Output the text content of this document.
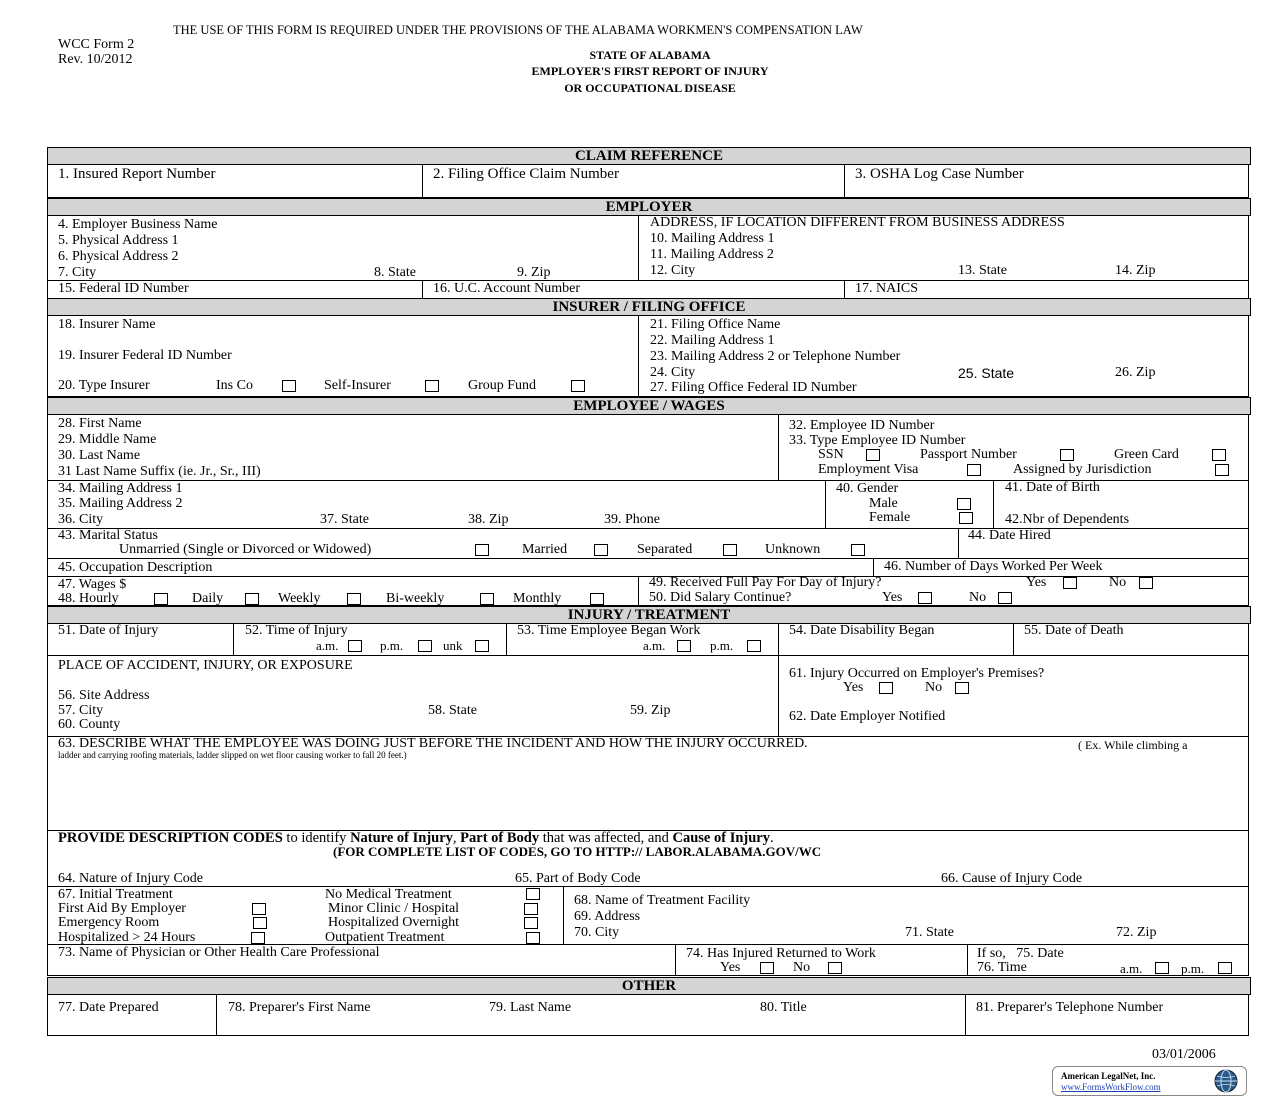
THE USE OF THIS FORM IS REQUIRED UNDER THE PROVISIONS OF THE ALABAMA WORKMEN'S COMPENSATION LAW
WCC Form 2
Rev. 10/2012	STATE OF ALABAMA
EMPLOYER'S FIRST REPORT OF INJURY
OR OCCUPATIONAL DISEASE
CLAIM REFERENCE
1. Insured Report Number	2. Filing Office Claim Number	3. OSHA Log Case Number
EMPLOYER
4. Employer Business Name
5. Physical Address 1
6. Physical Address 2
7. City	8. State	9. Zip
ADDRESS, IF LOCATION DIFFERENT FROM BUSINESS ADDRESS
10. Mailing Address 1
11. Mailing Address 2
12. City	13. State	14. Zip
15. Federal ID Number	16. U.C. Account Number	17. NAICS
INSURER / FILING OFFICE
18. Insurer Name
19. Insurer Federal ID Number
20. Type Insurer	Ins Co	Self-Insurer	Group Fund
21. Filing Office Name
22. Mailing Address 1
23. Mailing Address 2 or Telephone Number
24. City	25. State	26. Zip
27. Filing Office Federal ID Number
EMPLOYEE / WAGES
28. First Name
29. Middle Name
30. Last Name
31 Last Name Suffix (ie. Jr., Sr., III)
32. Employee ID Number
33. Type Employee ID Number
SSN	Passport Number	Green Card
Employment Visa	Assigned by Jurisdiction
34. Mailing Address 1
35. Mailing Address 2
36. City	37. State	38. Zip	39. Phone
40. Gender
Male
Female
41. Date of Birth
42.Nbr of Dependents
43. Marital Status
Unmarried (Single or Divorced or Widowed)	Married	Separated	Unknown
44. Date Hired
45. Occupation Description	46. Number of Days Worked Per Week
47. Wages $
48. Hourly	Daily	Weekly	Bi-weekly	Monthly
49. Received Full Pay For Day of Injury?	Yes	No
50. Did Salary Continue?	Yes	No
INJURY / TREATMENT
51. Date of Injury	52. Time of Injury
a.m.	p.m.	unk
53. Time Employee Began Work
a.m.	p.m.
54. Date Disability Began	55. Date of Death
PLACE OF ACCIDENT, INJURY, OR EXPOSURE
56. Site Address
57. City	58. State	59. Zip
60. County
61. Injury Occurred on Employer's Premises?
Yes	No
62. Date Employer Notified
63. DESCRIBE WHAT THE EMPLOYEE WAS DOING JUST BEFORE THE INCIDENT AND HOW THE INJURY OCCURRED.	( Ex. While climbing a
ladder and carrying roofing materials, ladder slipped on wet floor causing worker to fall 20 feet.)
PROVIDE DESCRIPTION CODES to identify Nature of Injury, Part of Body that was affected, and Cause of Injury.
(FOR COMPLETE LIST OF CODES, GO TO HTTP:// LABOR.ALABAMA.GOV/WC
64. Nature of Injury Code	65. Part of Body Code	66. Cause of Injury Code
67. Initial Treatment
First Aid By Employer
Emergency Room
Hospitalized > 24 Hours
No Medical Treatment
Minor Clinic / Hospital
Hospitalized Overnight
Outpatient Treatment
68. Name of Treatment Facility
69. Address
70. City	71. State	72. Zip
73. Name of Physician or Other Health Care Professional	74. Has Injured Returned to Work
Yes	No
If so, 75. Date
76. Time	a.m.	p.m.
OTHER
77. Date Prepared	78. Preparer's First Name	79. Last Name	80. Title	81. Preparer's Telephone Number
03/01/2006
American LegalNet, Inc.
www.FormsWorkFlow.com
